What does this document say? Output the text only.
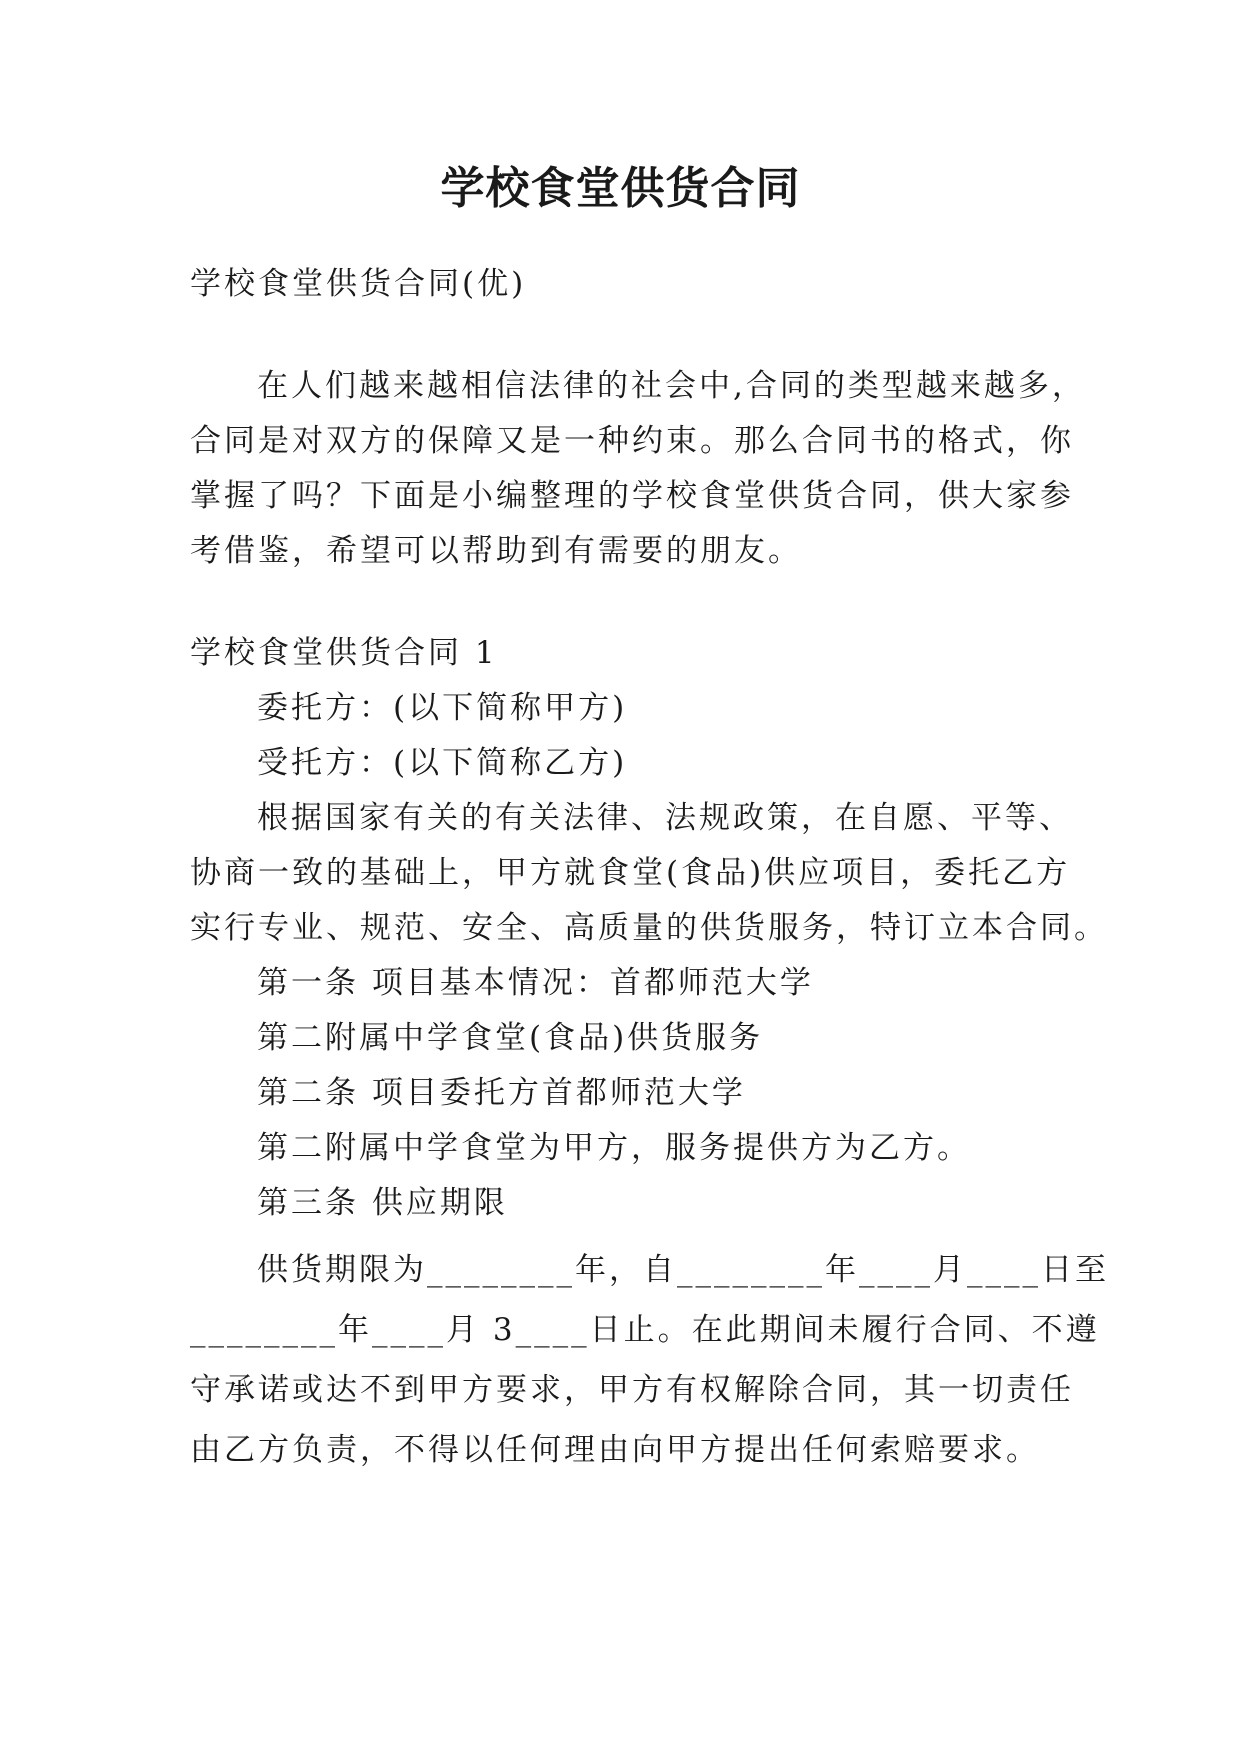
学校食堂供货合同

学校食堂供货合同(优)

在人们越来越相信法律的社会中,合同的类型越来越多，

合同是对双方的保障又是一种约束。那么合同书的格式，你

掌握了吗？下面是小编整理的学校食堂供货合同，供大家参

考借鉴，希望可以帮助到有需要的朋友。

学校食堂供货合同 1

委托方：(以下简称甲方)

受托方：(以下简称乙方)

根据国家有关的有关法律、法规政策，在自愿、平等、

协商一致的基础上，甲方就食堂(食品)供应项目，委托乙方

实行专业、规范、安全、高质量的供货服务，特订立本合同。

第一条 项目基本情况：首都师范大学

第二附属中学食堂(食品)供货服务

第二条 项目委托方首都师范大学

第二附属中学食堂为甲方，服务提供方为乙方。

第三条 供应期限

供货期限为________年，自________年____月____日至

________年____月 3____日止。在此期间未履行合同、不遵

守承诺或达不到甲方要求，甲方有权解除合同，其一切责任

由乙方负责，不得以任何理由向甲方提出任何索赔要求。
